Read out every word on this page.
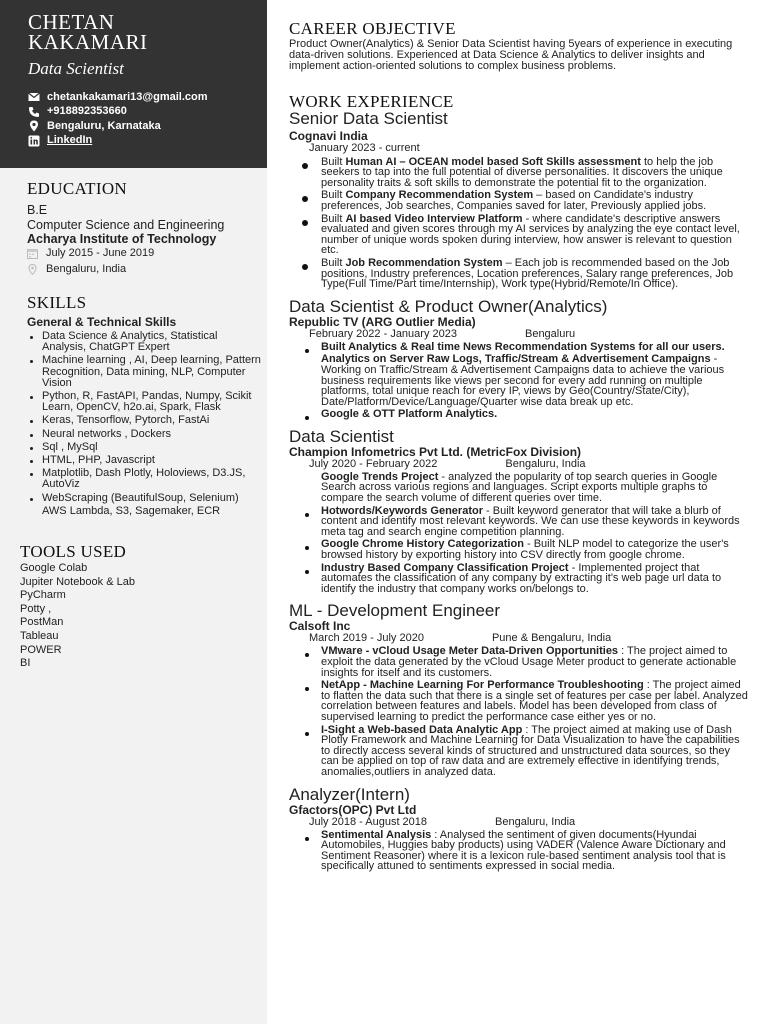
CHETAN
KAKAMARI
Data Scientist
chetankakamari13@gmail.com
+918892353660
Bengaluru, Karnataka
LinkedIn
EDUCATION
B.E
Computer Science and Engineering
Acharya Institute of Technology
July 2015 - June 2019
Bengaluru, India
SKILLS
General & Technical Skills
Data Science & Analytics, Statistical Analysis, ChatGPT Expert
Machine learning , AI, Deep learning, Pattern Recognition, Data mining, NLP, Computer Vision
Python, R, FastAPI, Pandas, Numpy, Scikit Learn, OpenCV, h2o.ai, Spark, Flask
Keras, Tensorflow, Pytorch, FastAi
Neural networks , Dockers
Sql , MySql
HTML, PHP, Javascript
Matplotlib, Dash Plotly, Holoviews, D3.JS, AutoViz
WebScraping (BeautifulSoup, Selenium)
AWS Lambda, S3, Sagemaker, ECR
TOOLS USED
Google Colab
Jupiter Notebook & Lab
PyCharm
Potty ,
PostMan
Tableau
POWER
BI
CAREER OBJECTIVE
Product Owner(Analytics) & Senior Data Scientist having 5years of experience in executing data-driven solutions. Experienced at Data Science & Analytics to deliver insights and implement action-oriented solutions to complex business problems.
WORK EXPERIENCE
Senior Data Scientist
Cognavi India
January 2023 - current
Built Human AI – OCEAN model based Soft Skills assessment to help the job seekers to tap into the full potential of diverse personalities. It discovers the unique personality traits & soft skills to demonstrate the potential fit to the organization.
Built Company Recommendation System – based on Candidate's industry preferences, Job searches, Companies saved for later, Previously applied jobs.
Built AI based Video Interview Platform - where candidate's descriptive answers evaluated and given scores through my AI services by analyzing the eye contact level, number of unique words spoken during interview, how answer is relevant to question etc.
Built Job Recommendation System – Each job is recommended based on the Job positions, Industry preferences, Location preferences, Salary range preferences, Job Type(Full Time/Part time/Internship), Work type(Hybrid/Remote/In Office).
Data Scientist & Product Owner(Analytics)
Republic TV (ARG Outlier Media)
February 2022 - January 2023	Bengaluru
Built Analytics & Real time News Recommendation Systems for all our users.
Analytics on Server Raw Logs, Traffic/Stream & Advertisement Campaigns - Working on Traffic/Stream & Advertisement Campaigns data to achieve the various business requirements like views per second for every add running on multiple platforms, total unique reach for every IP, views by Geo(Country/State/City), Date/Platform/Device/Language/Quarter wise data break up etc.
Google & OTT Platform Analytics.
Data Scientist
Champion Infometrics Pvt Ltd. (MetricFox Division)
July 2020 - February 2022	Bengaluru, India
Google Trends Project - analyzed the popularity of top search queries in Google Search across various regions and languages. Script exports multiple graphs to compare the search volume of different queries over time.
Hotwords/Keywords Generator - Built keyword generator that will take a blurb of content and identify most relevant keywords. We can use these keywords in keywords meta tag and search engine competition planning.
Google Chrome History Categorization - Built NLP model to categorize the user's browsed history by exporting history into CSV directly from google chrome.
Industry Based Company Classification Project - Implemented project that automates the classification of any company by extracting it's web page url data to identify the industry that company works on/belongs to.
ML - Development Engineer
Calsoft Inc
March 2019 - July 2020	Pune & Bengaluru, India
VMware - vCloud Usage Meter Data-Driven Opportunities : The project aimed to exploit the data generated by the vCloud Usage Meter product to generate actionable insights for itself and its customers.
NetApp - Machine Learning For Performance Troubleshooting : The project aimed to flatten the data such that there is a single set of features per case per label. Analyzed correlation between features and labels. Model has been developed from class of supervised learning to predict the performance case either yes or no.
I-Sight a Web-based Data Analytic App : The project aimed at making use of Dash Plotly Framework and Machine Learning for Data Visualization to have the capabilities to directly access several kinds of structured and unstructured data sources, so they can be applied on top of raw data and are extremely effective in identifying trends, anomalies,outliers in analyzed data.
Analyzer(Intern)
Gfactors(OPC) Pvt Ltd
July 2018 - August 2018	Bengaluru, India
Sentimental Analysis : Analysed the sentiment of given documents(Hyundai Automobiles, Huggies baby products) using VADER (Valence Aware Dictionary and Sentiment Reasoner) where it is a lexicon rule-based sentiment analysis tool that is specifically attuned to sentiments expressed in social media.
